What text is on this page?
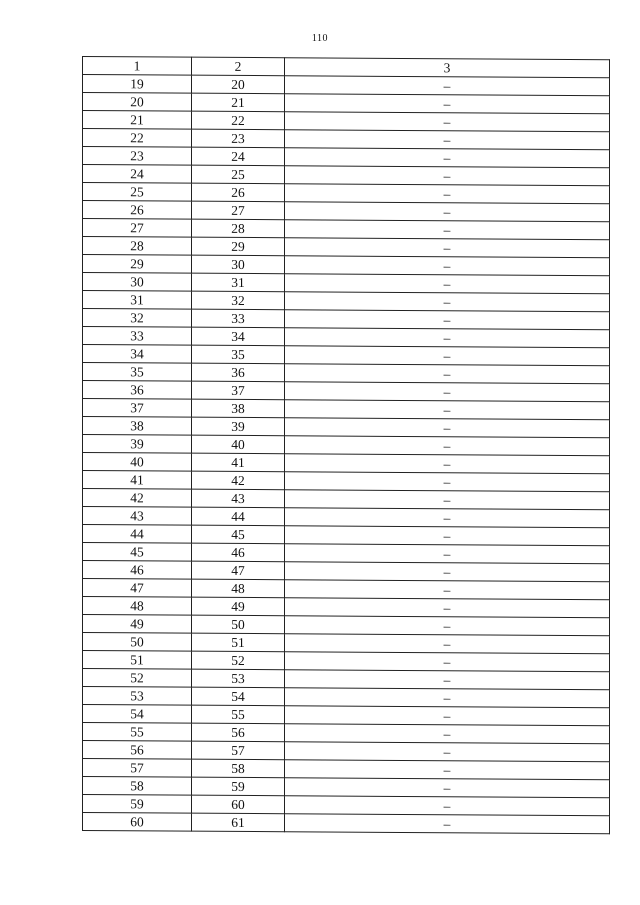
110
1	2	3
19	20	–
20	21	–
21	22	–
22	23	–
23	24	–
24	25	–
25	26	–
26	27	–
27	28	–
28	29	–
29	30	–
30	31	–
31	32	–
32	33	–
33	34	–
34	35	–
35	36	–
36	37	–
37	38	–
38	39	–
39	40	–
40	41	–
41	42	–
42	43	–
43	44	–
44	45	–
45	46	–
46	47	–
47	48	–
48	49	–
49	50	–
50	51	–
51	52	–
52	53	–
53	54	–
54	55	–
55	56	–
56	57	–
57	58	–
58	59	–
59	60	–
60	61	–
